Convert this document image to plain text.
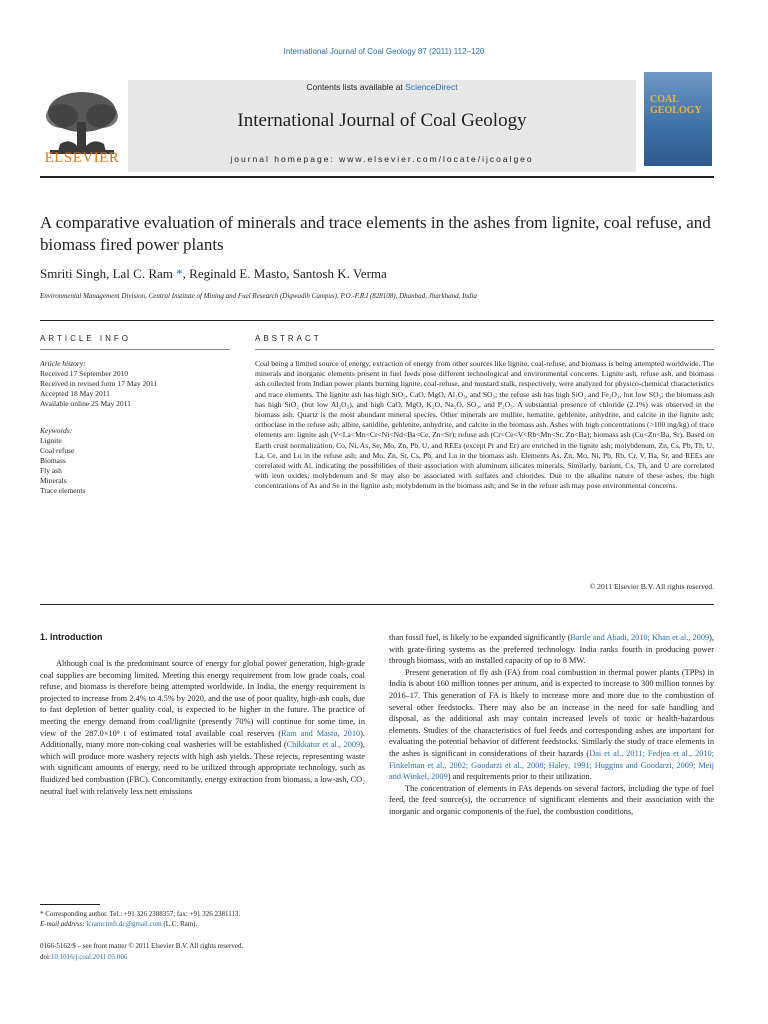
International Journal of Coal Geology 87 (2011) 112–120
ELSEVIER
Contents lists available at ScienceDirect
International Journal of Coal Geology
journal homepage: www.elsevier.com/locate/ijcoalgeo
COAL GEOLOGY
A comparative evaluation of minerals and trace elements in the ashes from lignite, coal refuse, and biomass fired power plants
Smriti Singh, Lal C. Ram *, Reginald E. Masto, Santosh K. Verma
Environmental Management Division, Central Institute of Mining and Fuel Research (Digwadih Campus), P.O.-F.R.I (828108), Dhanbad, Jharkhand, India
ARTICLE INFO	ABSTRACT
Article history:
Received 17 September 2010
Received in revised form 17 May 2011
Accepted 18 May 2011
Available online 25 May 2011
Keywords:
Lignite
Coal refuse
Biomass
Fly ash
Minerals
Trace elements
Coal being a limited source of energy, extraction of energy from other sources like lignite, coal-refuse, and biomass is being attempted worldwide. The minerals and inorganic elements present in fuel feeds pose different technological and environmental concerns. Lignite ash, refuse ash, and biomass ash collected from Indian power plants burning lignite, coal-refuse, and mustard stalk, respectively, were analyzed for physico-chemical characteristics and trace elements. The lignite ash has high SiO₂, CaO, MgO, Al₂O₃, and SO₃; the refuse ash has high SiO₂ and Fe₂O₃, but low SO₃; the biomass ash has high SiO₂ (but low Al₂O₃), and high CaO, MgO, K₂O, Na₂O, SO₃, and P₂O₅. A substantial presence of chloride (2.1%) was observed in the biomass ash. Quartz is the most abundant mineral species. Other minerals are mullite, hematite, gehlenite, anhydrite, and calcite in the lignite ash; orthoclase in the refuse ash; albite, sanidine, gehlenite, anhydrite, and calcite in the biomass ash. Ashes with high concentrations (>100 mg/kg) of trace elements are: lignite ash (V<La<Mn<Cr<Ni<Nd<Ba<Ce, Zn<Sr); refuse ash (Cr<Ce<V<Rb<Mn<Sr, Zn<Ba); biomass ash (Cu<Zn<Ba, Sr). Based on Earth crust normalization, Co, Ni, As, Se, Mo, Zn, Pb, U, and REEs (except Pr and Er) are enriched in the lignite ash; molybdenum, Zn, Cs, Pb, Th, U, La, Ce, and Lu in the refuse ash; and Mo, Zn, Sr, Cs, Pb, and Lu in the biomass ash. Elements As, Zn, Mo, Ni, Pb, Rb, Cr, V, Ba, Sr, and REEs are correlated with Al, indicating the possibilities of their association with aluminum silicates minerals. Similarly, barium, Cs, Th, and U are correlated with iron oxides; molybdenum and Sr may also be associated with sulfates and chlorides. Due to the alkaline nature of these ashes, the high concentrations of As and Se in the lignite ash; molybdenum in the biomass ash; and Se in the refuse ash may pose environmental concerns.
© 2011 Elsevier B.V. All rights reserved.
1. Introduction

Although coal is the predominant source of energy for global power generation, high-grade coal supplies are becoming limited. Meeting this energy requirement from low grade coals, coal refuse, and biomass is therefore being attempted worldwide. In India, the energy requirement is projected to increase from 2.4% to 4.5% by 2020, and the use of poor quality, high-ash coals, due to fast depletion of better quality coal, is expected to be higher in the future. The practice of meeting the energy demand from coal/lignite (presently 70%) will continue for some time, in view of the 287.0×10⁹ t of estimated total available coal reserves (Ram and Masto, 2010). Additionally, many more non-coking coal washeries will be established (Chikkatur et al., 2009), which will produce more washery rejects with high ash yields. These rejects, representing waste with significant amounts of energy, need to be utilized through appropriate technology, such as fluidized bed combustion (FBC). Concomitantly, energy extraction from biomass, a low-ash, CO₂ neutral fuel with relatively less nett emissions

than fossil fuel, is likely to be expanded significantly (Bartle and Abadi, 2010; Khan et al., 2009), with grate-firing systems as the preferred technology. India ranks fourth in producing power through biomass, with an installed capacity of up to 8 MW.

Present generation of fly ash (FA) from coal combustion in thermal power plants (TPPs) in India is about 160 million tonnes per annum, and is expected to increase to 300 million tonnes by 2016–17. This generation of FA is likely to increase more and more due to the combustion of several other feedstocks. There may also be an increase in the need for safe handling and disposal, as the additional ash may contain increased levels of toxic or health-hazardous elements. Studies of the characteristics of fuel feeds and corresponding ashes are important for evaluating the potential behavior of different feedstocks. Similarly the study of trace elements in the ashes is significant in considerations of their hazards (Dai et al., 2011; Fedjea et al., 2010; Finkelman et al., 2002; Goodarzi et al., 2008; Haley, 1991; Huggins and Goodarzi, 2009; Meij and Winkel, 2009) and requirements prior to their utilization.

The concentration of elements in FAs depends on several factors, including the type of fuel feed, the feed source(s), the occurrence of significant elements and their association with the inorganic and organic components of the fuel, the combustion conditions,

* Corresponding author. Tel.: +91 326 2388357; fax: +91 326 2381113.
E-mail address: lcramcimfr.dc@gmail.com (L.C. Ram).
0166-5162/$ – see front matter © 2011 Elsevier B.V. All rights reserved.
doi:10.1016/j.coal.2011.05.006
